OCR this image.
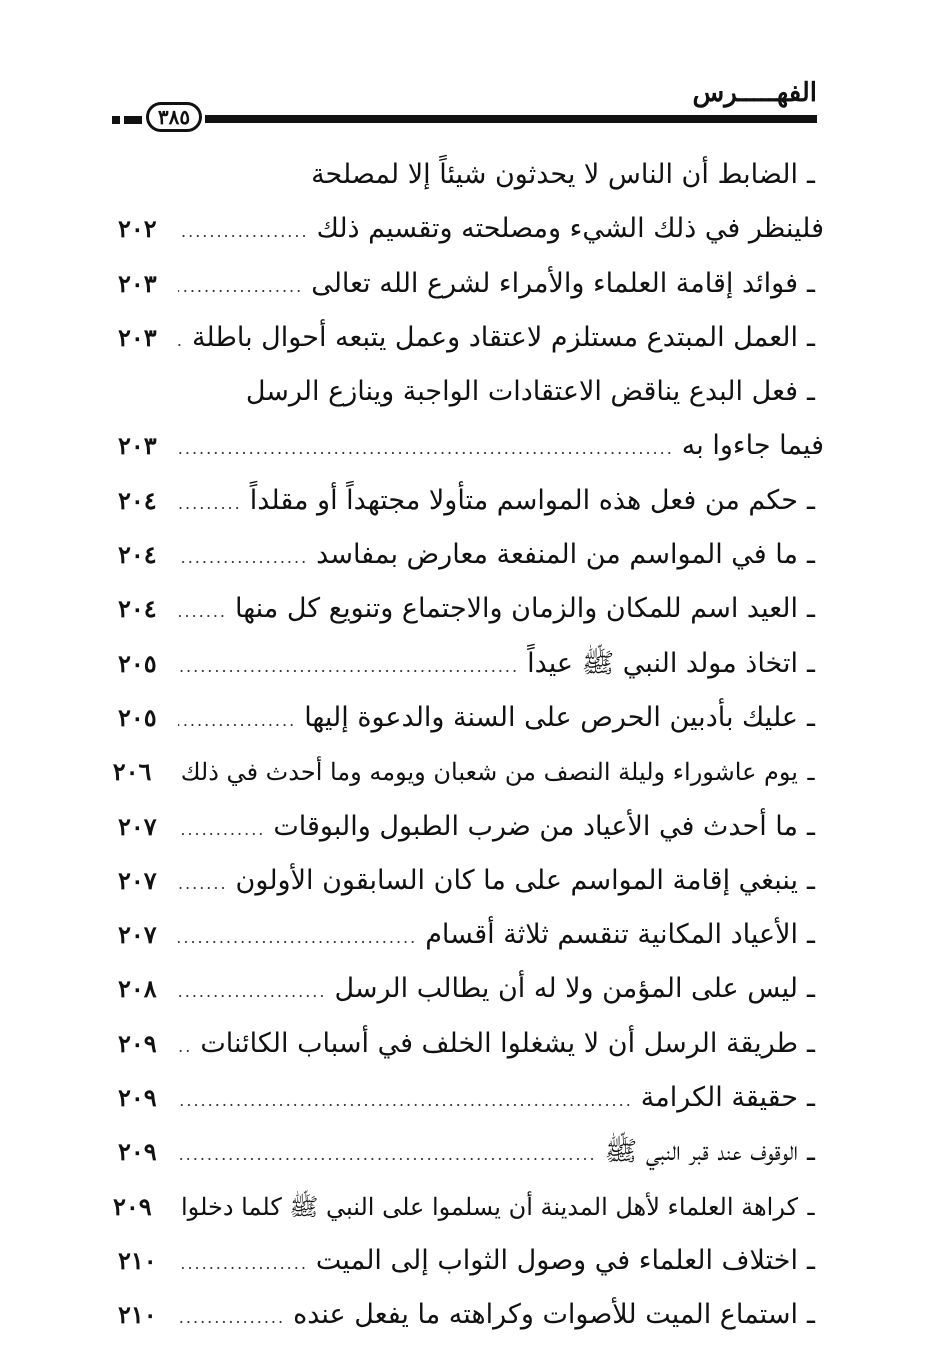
الفهـــــرس
٣٨٥
ـ
الضابط أن الناس لا يحدثون شيئاً إلا لمصلحة
فلينظر في ذلك الشيء ومصلحته وتقسيم ذلك
.....
٢٠٢
ـ
فوائد إقامة العلماء والأمراء لشرع الله تعالى
.....
٢٠٣
ـ
العمل المبتدع مستلزم لاعتقاد وعمل يتبعه أحوال باطلة
.....
٢٠٣
ـ
فعل البدع يناقض الاعتقادات الواجبة وينازع الرسل
فيما جاءوا به
.....
٢٠٣
ـ
حكم من فعل هذه المواسم متأولا مجتهداً أو مقلداً
.....
٢٠٤
ـ
ما في المواسم من المنفعة معارض بمفاسد
.....
٢٠٤
ـ
العيد اسم للمكان والزمان والاجتماع وتنويع كل منها
.....
٢٠٤
ـ
اتخاذ مولد النبي ﷺ عيداً
.....
٢٠٥
ـ
عليك بأدبين الحرص على السنة والدعوة إليها
.....
٢٠٥
ـ
يوم عاشوراء وليلة النصف من شعبان ويومه وما أحدث في ذلك
٢٠٦
ـ
ما أحدث في الأعياد من ضرب الطبول والبوقات
.....
٢٠٧
ـ
ينبغي إقامة المواسم على ما كان السابقون الأولون
.....
٢٠٧
ـ
الأعياد المكانية تنقسم ثلاثة أقسام
.....
٢٠٧
ـ
ليس على المؤمن ولا له أن يطالب الرسل
.....
٢٠٨
ـ
طريقة الرسل أن لا يشغلوا الخلف في أسباب الكائنات
.....
٢٠٩
ـ
حقيقة الكرامة
.....
٢٠٩
ـ
الوقوف عند قبر النبي ﷺ
.....
٢٠٩
ـ
كراهة العلماء لأهل المدينة أن يسلموا على النبي ﷺ كلما دخلوا
٢٠٩
ـ
اختلاف العلماء في وصول الثواب إلى الميت
.....
٢١٠
ـ
استماع الميت للأصوات وكراهته ما يفعل عنده
.....
٢١٠
